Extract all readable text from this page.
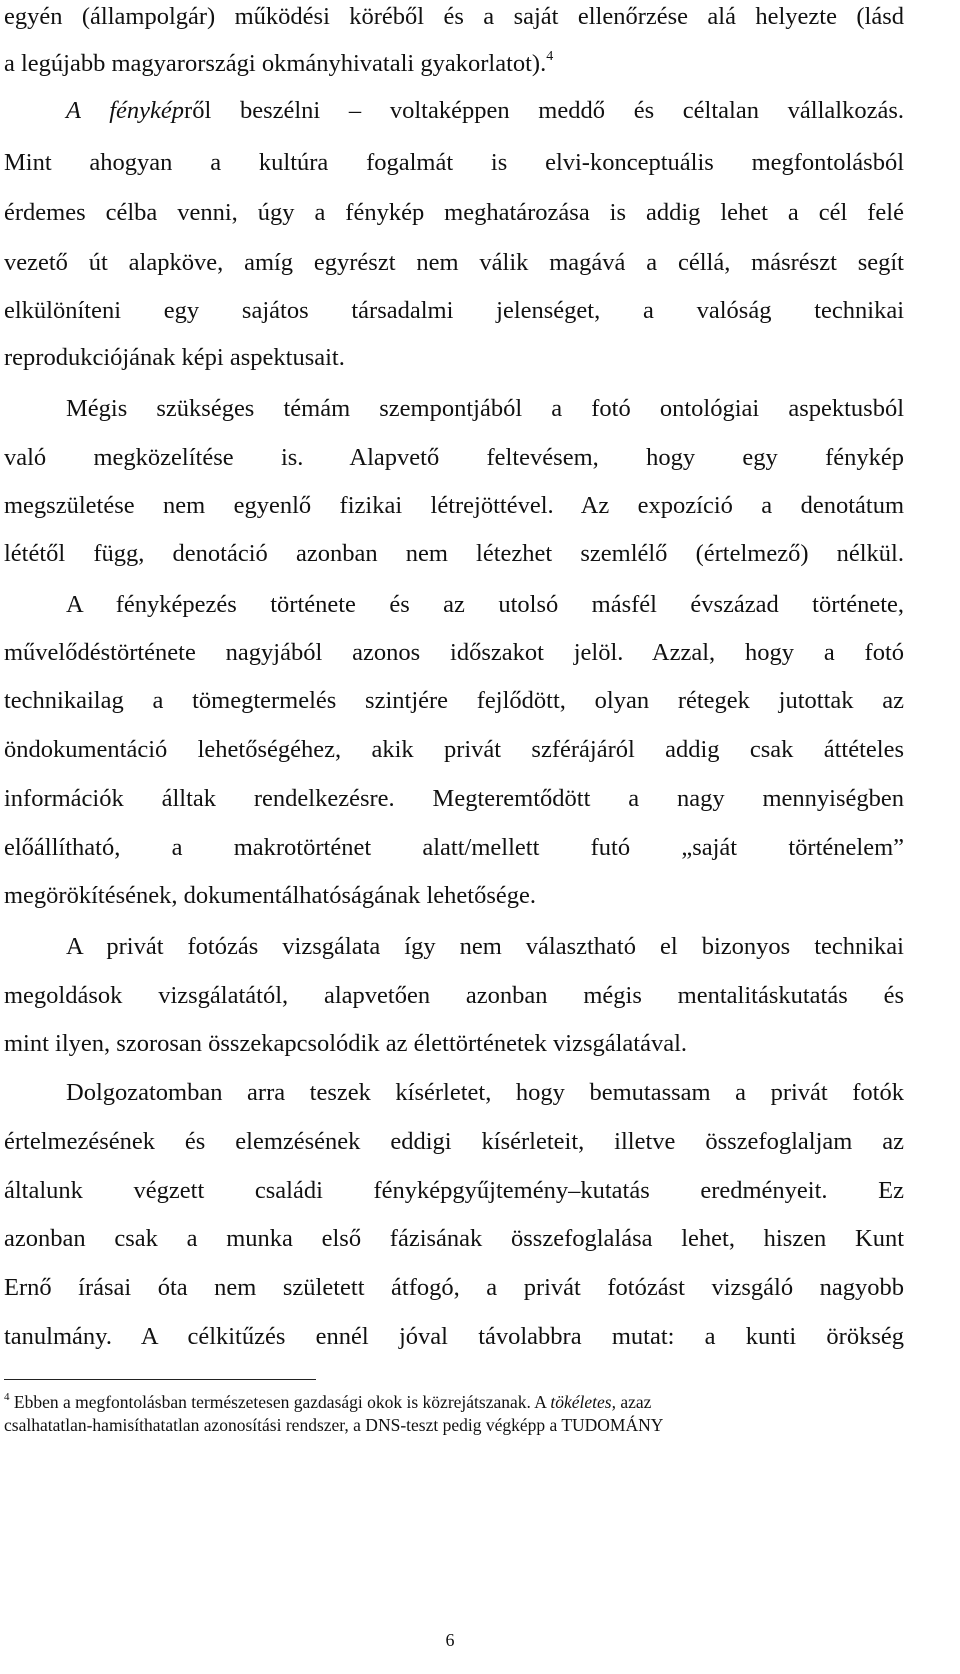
egyén (állampolgár) működési köréből és a saját ellenőrzése alá helyezte (lásd
a legújabb magyarországi okmányhivatali gyakorlatot).$^4$
A fényképről beszélni – voltaképpen meddő és céltalan vállalkozás.
Mint ahogyan a kultúra fogalmát is elvi-konceptuális megfontolásból
érdemes célba venni, úgy a fénykép meghatározása is addig lehet a cél felé
vezető út alapköve, amíg egyrészt nem válik magává a céllá, másrészt segít
elkülöníteni egy sajátos társadalmi jelenséget, a valóság technikai
reprodukciójának képi aspektusait.
Mégis szükséges témám szempontjából a fotó ontológiai aspektusból
való megközelítése is. Alapvető feltevésem, hogy egy fénykép
megszületése nem egyenlő fizikai létrejöttével. Az expozíció a denotátum
lététől függ, denotáció azonban nem létezhet szemlélő (értelmező) nélkül.
A fényképezés története és az utolsó másfél évszázad története,
művelődéstörténete nagyjából azonos időszakot jelöl. Azzal, hogy a fotó
technikailag a tömegtermelés szintjére fejlődött, olyan rétegek jutottak az
öndokumentáció lehetőségéhez, akik privát szférájáról addig csak áttételes
információk álltak rendelkezésre. Megteremtődött a nagy mennyiségben
előállítható, a makrotörténet alatt/mellett futó „saját történelem”
megörökítésének, dokumentálhatóságának lehetősége.
A privát fotózás vizsgálata így nem választható el bizonyos technikai
megoldások vizsgálatától, alapvetően azonban mégis mentalitáskutatás és
mint ilyen, szorosan összekapcsolódik az élettörténetek vizsgálatával.
Dolgozatomban arra teszek kísérletet, hogy bemutassam a privát fotók
értelmezésének és elemzésének eddigi kísérleteit, illetve összefoglaljam az
általunk végzett családi fényképgyűjtemény–kutatás eredményeit. Ez
azonban csak a munka első fázisának összefoglalása lehet, hiszen Kunt
Ernő írásai óta nem született átfogó, a privát fotózást vizsgáló nagyobb
tanulmány. A célkitűzés ennél jóval távolabbra mutat: a kunti örökség
$^4$ Ebben a megfontolásban természetesen gazdasági okok is közrejátszanak. A tökéletes, azaz
csalhatatlan-hamisíthatatlan azonosítási rendszer, a DNS-teszt pedig végképp a TUDOMÁNY
6
